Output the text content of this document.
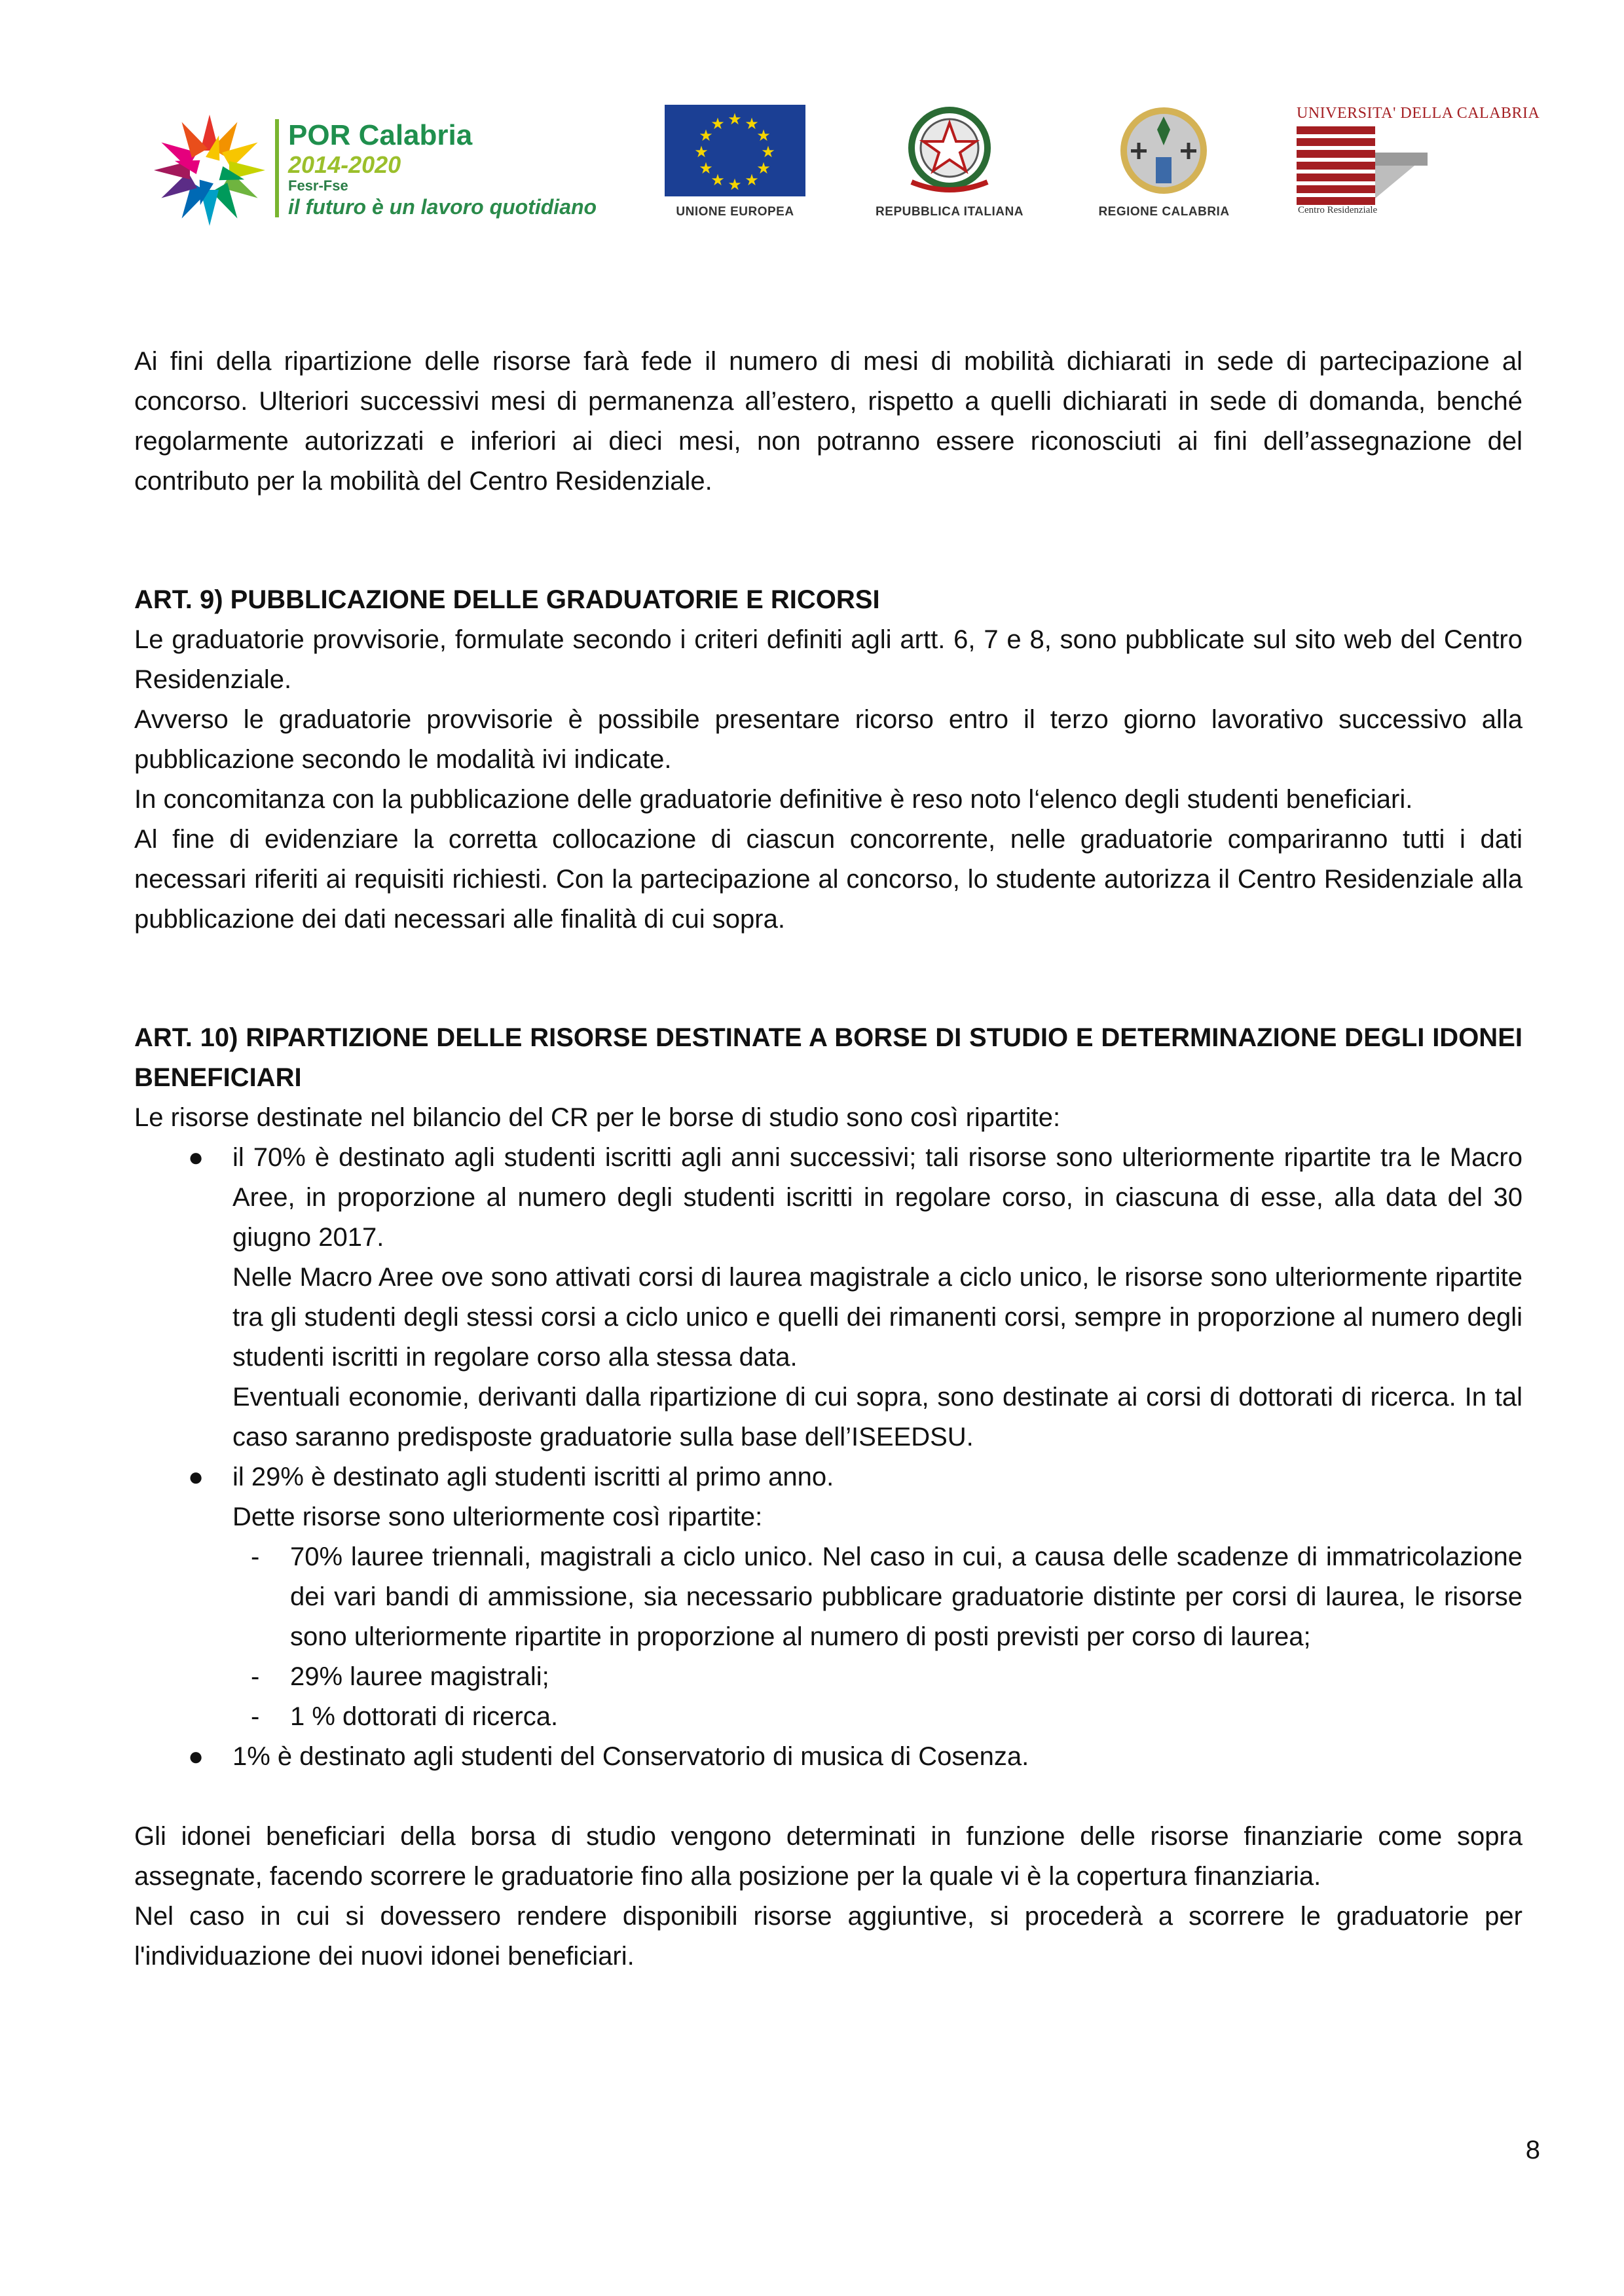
POR Calabria
2014-2020
Fesr-Fse
il futuro è un lavoro quotidiano
★ ★
★
★
★
★
★
★
★
★
★
★
UNIONE EUROPEA	REPUBBLICA ITALIANA	REGIONE CALABRIA
UNIVERSITA' DELLA CALABRIA
Centro Residenziale

Ai fini della ripartizione delle risorse farà fede il numero di mesi di mobilità dichiarati in sede di partecipazione al concorso. Ulteriori successivi mesi di permanenza all’estero, rispetto a quelli dichiarati in sede di domanda, benché regolarmente autorizzati e inferiori ai dieci mesi, non potranno essere riconosciuti ai fini dell’assegnazione del contributo per la mobilità del Centro Residenziale.

ART. 9) PUBBLICAZIONE DELLE GRADUATORIE E RICORSI

Le graduatorie provvisorie, formulate secondo i criteri definiti agli artt. 6, 7 e 8, sono pubblicate sul sito web del Centro Residenziale.

Avverso le graduatorie provvisorie è possibile presentare ricorso entro il terzo giorno lavorativo successivo alla pubblicazione secondo le modalità ivi indicate.

In concomitanza con la pubblicazione delle graduatorie definitive è reso noto l‘elenco degli studenti beneficiari.

Al fine di evidenziare la corretta collocazione di ciascun concorrente, nelle graduatorie compariranno tutti i dati necessari riferiti ai requisiti richiesti. Con la partecipazione al concorso, lo studente autorizza il Centro Residenziale alla pubblicazione dei dati necessari alle finalità di cui sopra.

ART. 10) RIPARTIZIONE DELLE RISORSE DESTINATE A BORSE DI STUDIO E DETERMINAZIONE DEGLI IDONEI BENEFICIARI

Le risorse destinate nel bilancio del CR per le borse di studio sono così ripartite:

● il 70% è destinato agli studenti iscritti agli anni successivi; tali risorse sono ulteriormente ripartite tra le Macro Aree, in proporzione al numero degli studenti iscritti in regolare corso, in ciascuna di esse, alla data del 30 giugno 2017.

Nelle Macro Aree ove sono attivati corsi di laurea magistrale a ciclo unico, le risorse sono ulteriormente ripartite tra gli studenti degli stessi corsi a ciclo unico e quelli dei rimanenti corsi, sempre in proporzione al numero degli studenti iscritti in regolare corso alla stessa data.

Eventuali economie, derivanti dalla ripartizione di cui sopra, sono destinate ai corsi di dottorati di ricerca. In tal caso saranno predisposte graduatorie sulla base dell’ISEEDSU.

● il 29% è destinato agli studenti iscritti al primo anno.

Dette risorse sono ulteriormente così ripartite:

- 70% lauree triennali, magistrali a ciclo unico. Nel caso in cui, a causa delle scadenze di immatricolazione dei vari bandi di ammissione, sia necessario pubblicare graduatorie distinte per corsi di laurea, le risorse sono ulteriormente ripartite in proporzione al numero di posti previsti per corso di laurea;
- 29% lauree magistrali;
- 1 % dottorati di ricerca.
● 1% è destinato agli studenti del Conservatorio di musica di Cosenza.

Gli idonei beneficiari della borsa di studio vengono determinati in funzione delle risorse finanziarie come sopra assegnate, facendo scorrere le graduatorie fino alla posizione per la quale vi è la copertura finanziaria.

Nel caso in cui si dovessero rendere disponibili risorse aggiuntive, si procederà a scorrere le graduatorie per l'individuazione dei nuovi idonei beneficiari.

8
